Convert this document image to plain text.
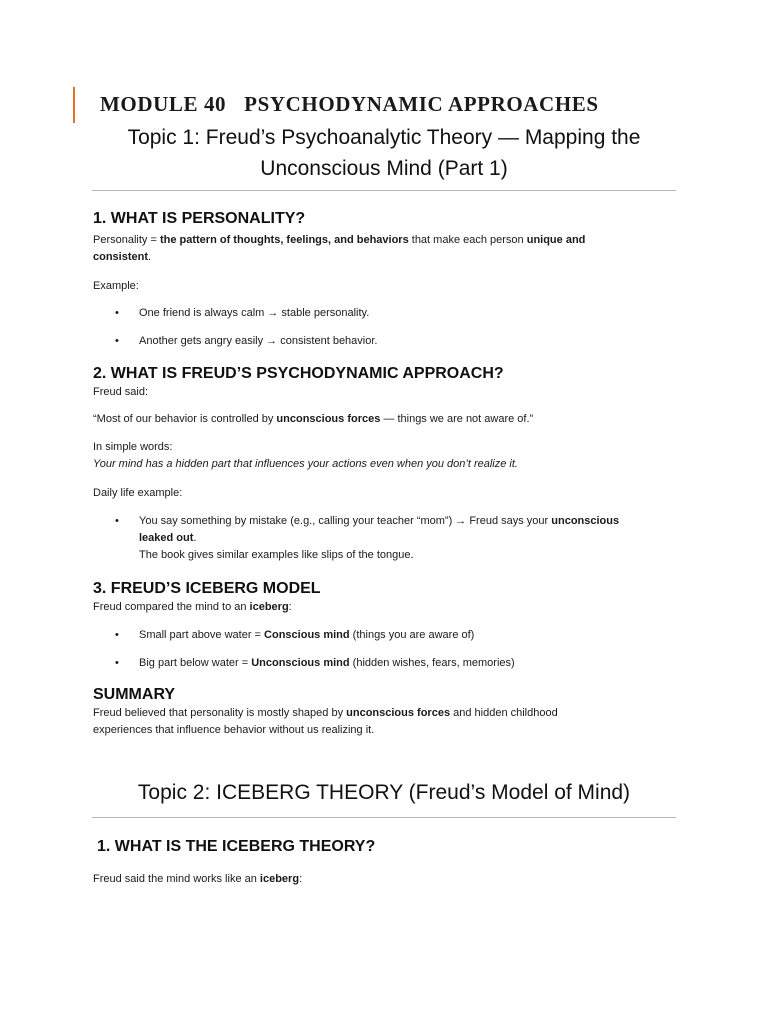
MODULE 40 PSYCHODYNAMIC APPROACHES
Topic 1: Freud’s Psychoanalytic Theory — Mapping the
Unconscious Mind (Part 1)
1. WHAT IS PERSONALITY?

Personality = the pattern of thoughts, feelings, and behaviors that make each person unique and
consistent.

Example:

•	One friend is always calm → stable personality.
•	Another gets angry easily → consistent behavior.
2. WHAT IS FREUD’S PSYCHODYNAMIC APPROACH?

Freud said:

“Most of our behavior is controlled by unconscious forces — things we are not aware of.”

In simple words:
Your mind has a hidden part that influences your actions even when you don’t realize it.

Daily life example:

•	You say something by mistake (e.g., calling your teacher “mom”) → Freud says your unconscious
leaked out.
The book gives similar examples like slips of the tongue.
3. FREUD’S ICEBERG MODEL

Freud compared the mind to an iceberg:

•	Small part above water = Conscious mind (things you are aware of)
•	Big part below water = Unconscious mind (hidden wishes, fears, memories)
SUMMARY

Freud believed that personality is mostly shaped by unconscious forces and hidden childhood
experiences that influence behavior without us realizing it.

Topic 2: ICEBERG THEORY (Freud’s Model of Mind)
1. WHAT IS THE ICEBERG THEORY?

Freud said the mind works like an iceberg:
